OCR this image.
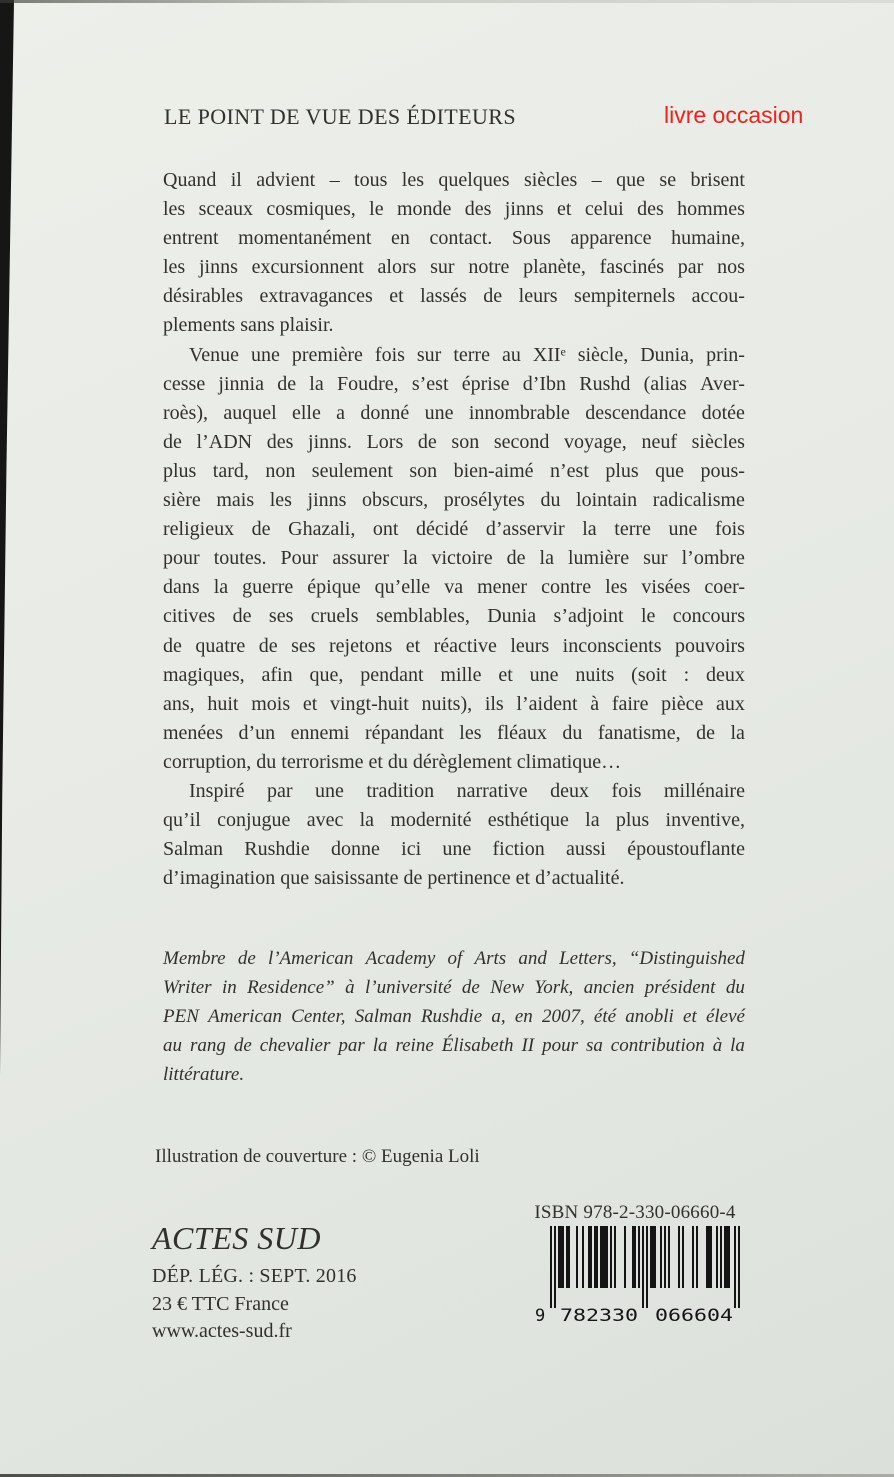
LE POINT DE VUE DES ÉDITEURS	livre occasion
Quand il advient – tous les quelques siècles – que se brisent
les sceaux cosmiques, le monde des jinns et celui des hommes
entrent momentanément en contact. Sous apparence humaine,
les jinns excursionnent alors sur notre planète, fascinés par nos
désirables extravagances et lassés de leurs sempiternels accou-
plements sans plaisir.
Venue une première fois sur terre au XIIᵉ siècle, Dunia, prin-
cesse jinnia de la Foudre, s’est éprise d’Ibn Rushd (alias Aver-
roès), auquel elle a donné une innombrable descendance dotée
de l’ADN des jinns. Lors de son second voyage, neuf siècles
plus tard, non seulement son bien-aimé n’est plus que pous-
sière mais les jinns obscurs, prosélytes du lointain radicalisme
religieux de Ghazali, ont décidé d’asservir la terre une fois
pour toutes. Pour assurer la victoire de la lumière sur l’ombre
dans la guerre épique qu’elle va mener contre les visées coer-
citives de ses cruels semblables, Dunia s’adjoint le concours
de quatre de ses rejetons et réactive leurs inconscients pouvoirs
magiques, afin que, pendant mille et une nuits (soit : deux
ans, huit mois et vingt-huit nuits), ils l’aident à faire pièce aux
menées d’un ennemi répandant les fléaux du fanatisme, de la
corruption, du terrorisme et du dérèglement climatique…
Inspiré par une tradition narrative deux fois millénaire
qu’il conjugue avec la modernité esthétique la plus inventive,
Salman Rushdie donne ici une fiction aussi époustouflante
d’imagination que saisissante de pertinence et d’actualité.
Membre de l’American Academy of Arts and Letters, “Distinguished
Writer in Residence” à l’université de New York, ancien président du
PEN American Center, Salman Rushdie a, en 2007, été anobli et élevé
au rang de chevalier par la reine Élisabeth II pour sa contribution à la
littérature.
Illustration de couverture : © Eugenia Loli
ACTES SUD
DÉP. LÉG. : SEPT. 2016
23 € TTC France
www.actes-sud.fr
ISBN 978-2-330-06660-4
9 782330 066604
